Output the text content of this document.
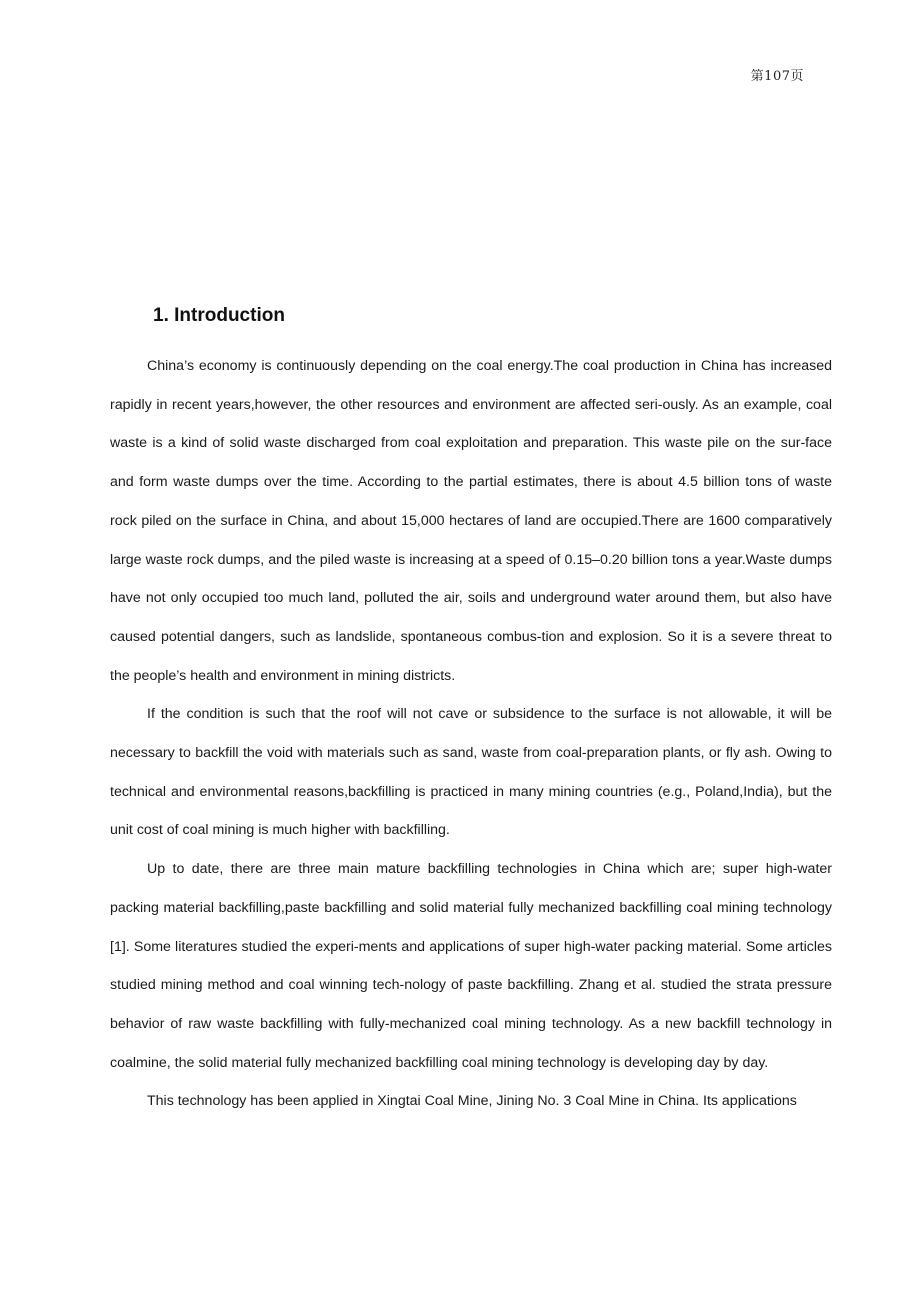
第107页
1. Introduction

China’s economy is continuously depending on the coal energy.The coal production in China has increased rapidly in recent years,however, the other resources and environment are affected seri-ously. As an example, coal waste is a kind of solid waste discharged from coal exploitation and preparation. This waste pile on the sur-face and form waste dumps over the time. According to the partial estimates, there is about 4.5 billion tons of waste rock piled on the surface in China, and about 15,000 hectares of land are occupied.There are 1600 comparatively large waste rock dumps, and the piled waste is increasing at a speed of 0.15–0.20 billion tons a year.Waste dumps have not only occupied too much land, polluted the air, soils and underground water around them, but also have caused potential dangers, such as landslide, spontaneous combus-tion and explosion. So it is a severe threat to the people’s health and environment in mining districts.

If the condition is such that the roof will not cave or subsidence to the surface is not allowable, it will be necessary to backfill the void with materials such as sand, waste from coal-preparation plants, or fly ash. Owing to technical and environmental reasons,backfilling is practiced in many mining countries (e.g., Poland,India), but the unit cost of coal mining is much higher with backfilling.

Up to date, there are three main mature backfilling technologies in China which are; super high-water packing material backfilling,paste backfilling and solid material fully mechanized backfilling coal mining technology [1]. Some literatures studied the experi-ments and applications of super high-water packing material. Some articles studied mining method and coal winning tech-nology of paste backfilling. Zhang et al. studied the strata pressure behavior of raw waste backfilling with fully-mechanized coal mining technology. As a new backfill technology in coalmine, the solid material fully mechanized backfilling coal mining technology is developing day by day.

This technology has been applied in Xingtai Coal Mine, Jining No. 3 Coal Mine in China. Its applications
